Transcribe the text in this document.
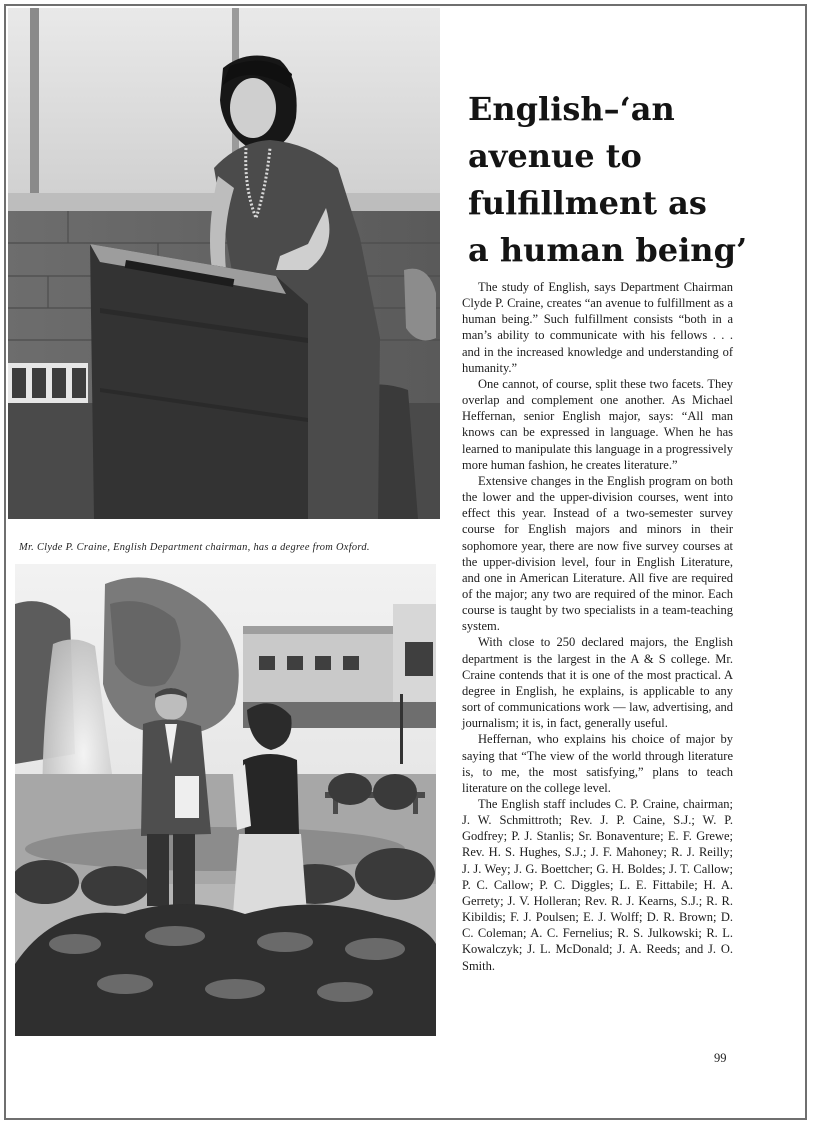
Mr. Clyde P. Craine, English Department chairman, has a degree from Oxford.
English–‘an
avenue to
fulfillment as
a human being’

The study of English, says Department Chairman Clyde P. Craine, creates “an avenue to fulfillment as a human being.” Such fulfillment consists “both in a man’s ability to communicate with his fellows . . . and in the increased knowledge and understanding of humanity.”

One cannot, of course, split these two facets. They overlap and complement one another. As Michael Heffernan, senior English major, says: “All man knows can be expressed in language. When he has learned to manipulate this language in a progressively more human fashion, he creates literature.”

Extensive changes in the English program on both the lower and the upper-division courses, went into effect this year. Instead of a two-semester survey course for English majors and minors in their sophomore year, there are now five survey courses at the upper-division level, four in English Literature, and one in American Literature. All five are required of the major; any two are required of the minor. Each course is taught by two specialists in a team-teaching system.

With close to 250 declared majors, the English department is the largest in the A & S college. Mr. Craine contends that it is one of the most practical. A degree in English, he explains, is applicable to any sort of communications work — law, advertising, and journalism; it is, in fact, generally useful.

Heffernan, who explains his choice of major by saying that “The view of the world through literature is, to me, the most satisfying,” plans to teach literature on the college level.

The English staff includes C. P. Craine, chairman; J. W. Schmittroth; Rev. J. P. Caine, S.J.; W. P. Godfrey; P. J. Stanlis; Sr. Bonaventure; E. F. Grewe; Rev. H. S. Hughes, S.J.; J. F. Mahoney; R. J. Reilly; J. J. Wey; J. G. Boettcher; G. H. Boldes; J. T. Callow; P. C. Callow; P. C. Diggles; L. E. Fittabile; H. A. Gerrety; J. V. Holleran; Rev. R. J. Kearns, S.J.; R. R. Kibildis; F. J. Poulsen; E. J. Wolff; D. R. Brown; D. C. Coleman; A. C. Fernelius; R. S. Julkowski; R. L. Kowalczyk; J. L. McDonald; J. A. Reeds; and J. O. Smith.

99
